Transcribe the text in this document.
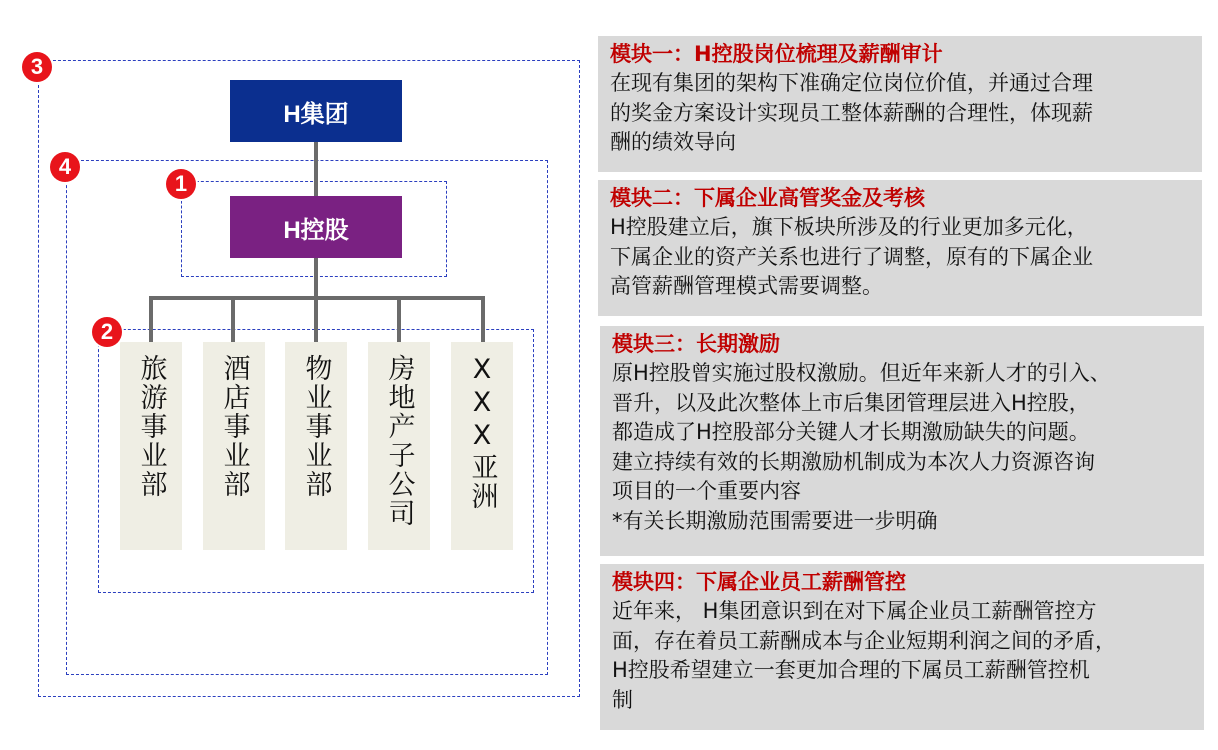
H集团
H控股
旅游事业部 酒店事业部 物业事业部 房地产子公司 XXX亚洲
3
4
1
2
模块一：H控股岗位梳理及薪酬审计
在现有集团的架构下准确定位岗位价值，并通过合理
的奖金方案设计实现员工整体薪酬的合理性，体现薪
酬的绩效导向
模块二：下属企业高管奖金及考核
H控股建立后，旗下板块所涉及的行业更加多元化，
下属企业的资产关系也进行了调整，原有的下属企业
高管薪酬管理模式需要调整。
模块三：长期激励
原H控股曾实施过股权激励。但近年来新人才的引入、
晋升，以及此次整体上市后集团管理层进入H控股，
都造成了H控股部分关键人才长期激励缺失的问题。
建立持续有效的长期激励机制成为本次人力资源咨询
项目的一个重要内容
*有关长期激励范围需要进一步明确
模块四：下属企业员工薪酬管控
近年来， H集团意识到在对下属企业员工薪酬管控方
面，存在着员工薪酬成本与企业短期利润之间的矛盾，
H控股希望建立一套更加合理的下属员工薪酬管控机
制
